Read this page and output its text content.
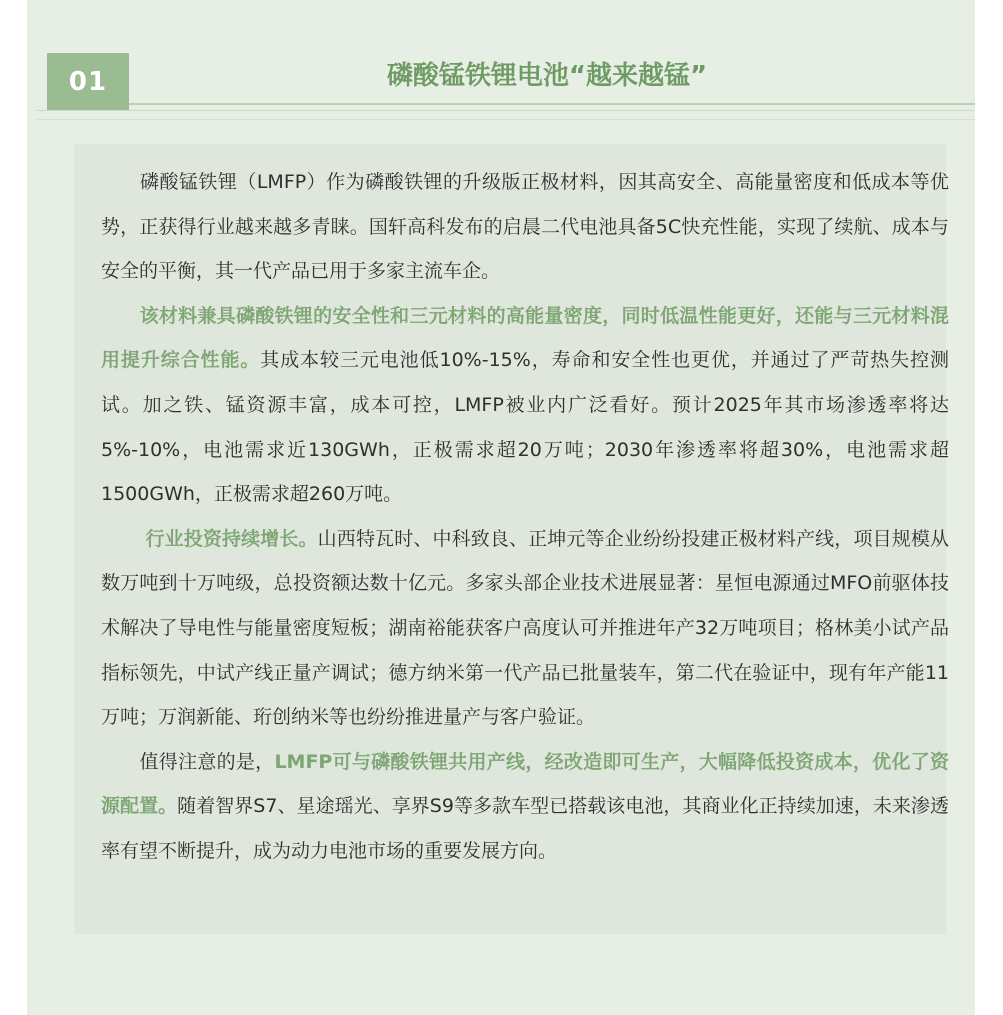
01	磷酸锰铁锂电池“越来越锰”

　　磷酸锰铁锂（LMFP）作为磷酸铁锂的升级版正极材料，因其高安全、高能量密度和低成本等优势，正获得行业越来越多青睐。国轩高科发布的启晨二代电池具备5C快充性能，实现了续航、成本与安全的平衡，其一代产品已用于多家主流车企。

　　该材料兼具磷酸铁锂的安全性和三元材料的高能量密度，同时低温性能更好，还能与三元材料混用提升综合性能。其成本较三元电池低10%-15%，寿命和安全性也更优，并通过了严苛热失控测试。加之铁、锰资源丰富，成本可控，LMFP被业内广泛看好。预计2025年其市场渗透率将达5%-10%，电池需求近130GWh，正极需求超20万吨；2030年渗透率将超30%，电池需求超1500GWh，正极需求超260万吨。

　　 行业投资持续增长。山西特瓦时、中科致良、正坤元等企业纷纷投建正极材料产线，项目规模从数万吨到十万吨级，总投资额达数十亿元。多家头部企业技术进展显著：星恒电源通过MFO前驱体技术解决了导电性与能量密度短板；湖南裕能获客户高度认可并推进年产32万吨项目；格林美小试产品指标领先，中试产线正量产调试；德方纳米第一代产品已批量装车，第二代在验证中，现有年产能11万吨；万润新能、珩创纳米等也纷纷推进量产与客户验证。

　　值得注意的是，LMFP可与磷酸铁锂共用产线，经改造即可生产，大幅降低投资成本，优化了资源配置。随着智界S7、星途瑶光、享界S9等多款车型已搭载该电池，其商业化正持续加速，未来渗透率有望不断提升，成为动力电池市场的重要发展方向。
